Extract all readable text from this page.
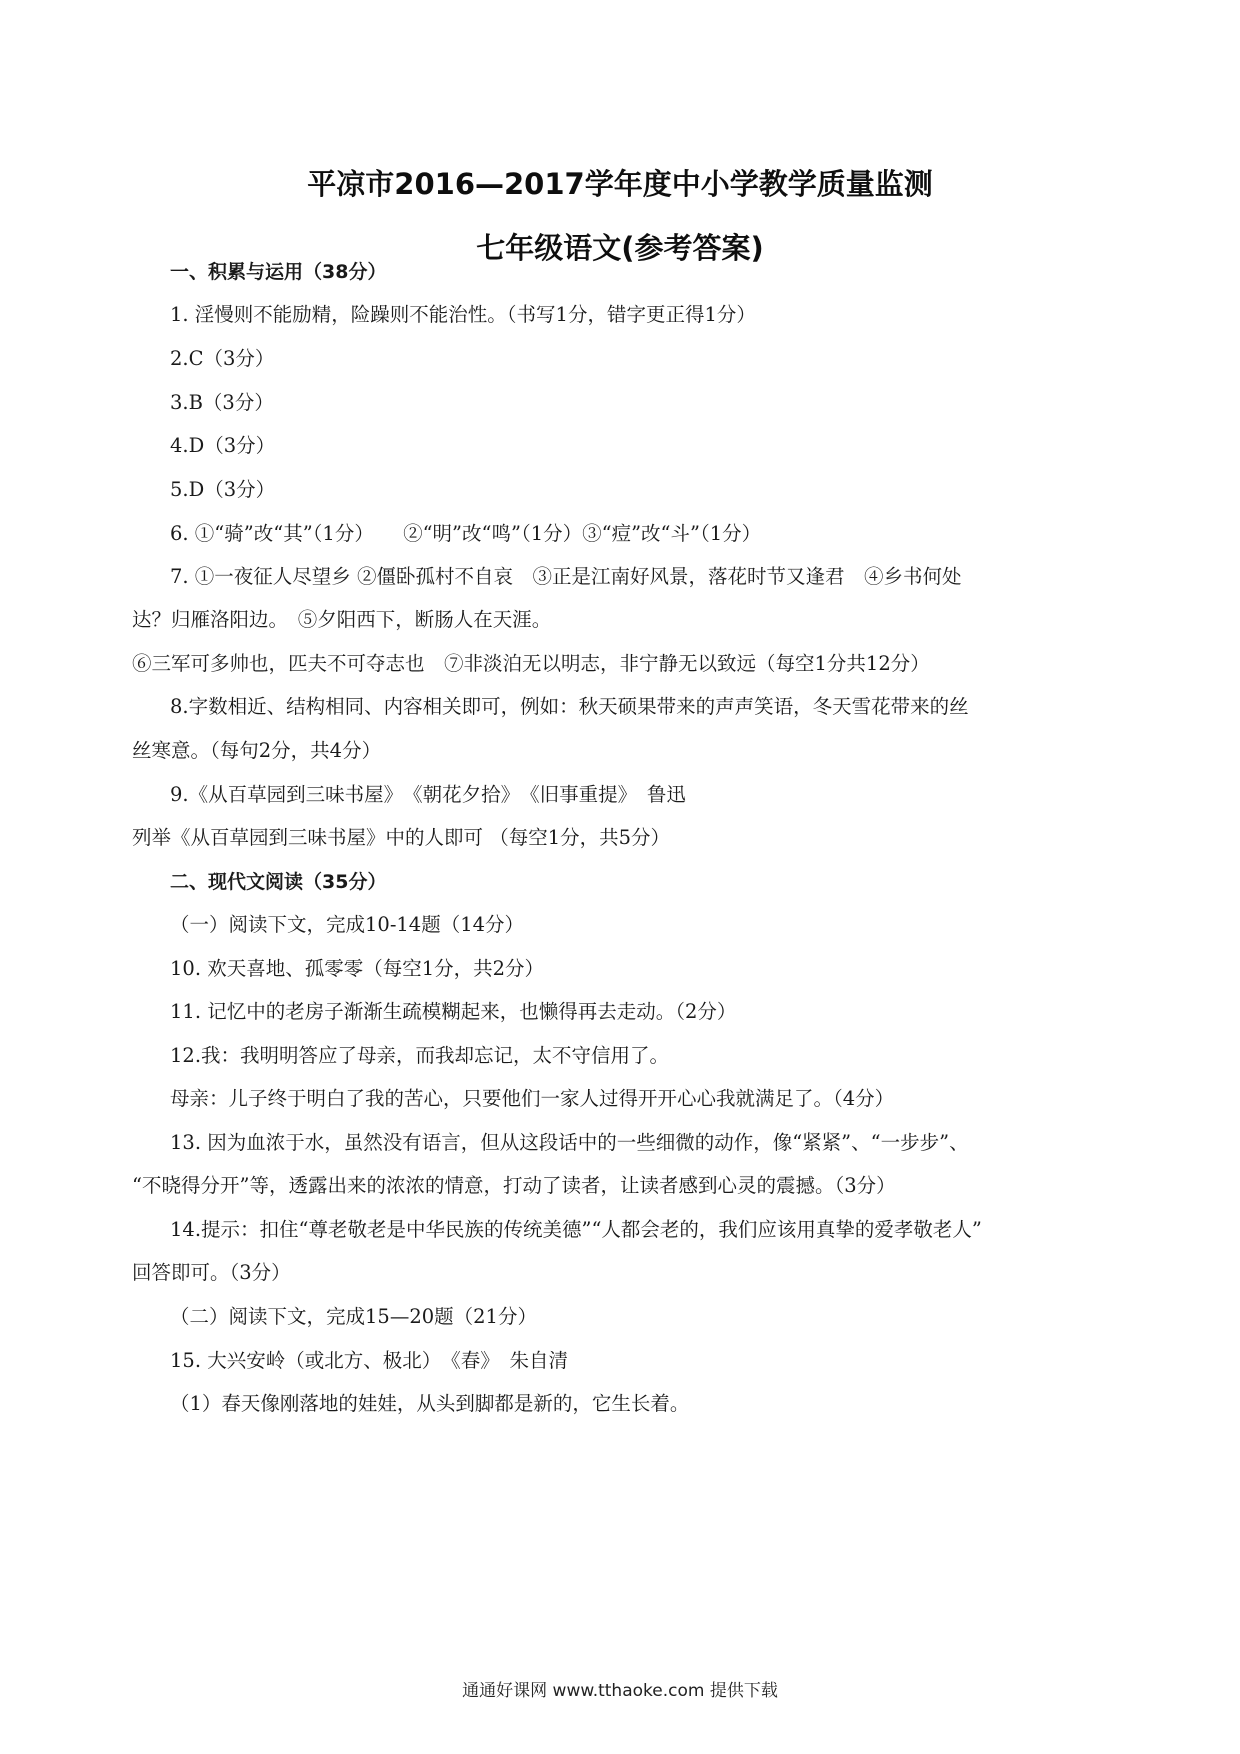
平凉市2016—2017学年度中小学教学质量监测
七年级语文(参考答案)
一、积累与运用（38分）
1. 淫慢则不能励精，险躁则不能治性。（书写1分，错字更正得1分）
2.C（3分）
3.B（3分）
4.D（3分）
5.D（3分）
6. ①“骑”改“其”（1分）　　②“明”改“鸣”（1分）③“痘”改“斗”（1分）
7. ①一夜征人尽望乡 ②僵卧孤村不自哀　③正是江南好风景，落花时节又逢君　④乡书何处
达？归雁洛阳边。　⑤夕阳西下，断肠人在天涯。
⑥三军可多帅也，匹夫不可夺志也　⑦非淡泊无以明志，非宁静无以致远（每空1分共12分）
8.字数相近、结构相同、内容相关即可，例如：秋天硕果带来的声声笑语，冬天雪花带来的丝
丝寒意。（每句2分，共4分）
9.《从百草园到三味书屋》　《朝花夕拾》　《旧事重提》　鲁迅
列举《从百草园到三味书屋》中的人即可 （每空1分，共5分）
二、现代文阅读（35分）
（一）阅读下文，完成10-14题（14分）
10. 欢天喜地、孤零零（每空1分，共2分）
11. 记忆中的老房子渐渐生疏模糊起来，也懒得再去走动。（2分）
12.我：我明明答应了母亲，而我却忘记，太不守信用了。
母亲：儿子终于明白了我的苦心，只要他们一家人过得开开心心我就满足了。（4分）
13. 因为血浓于水，虽然没有语言，但从这段话中的一些细微的动作，像“紧紧”、“一步步”、
“不晓得分开”等，透露出来的浓浓的情意，打动了读者，让读者感到心灵的震撼。（3分）
14.提示：扣住“尊老敬老是中华民族的传统美德”“人都会老的，我们应该用真挚的爱孝敬老人”
回答即可。（3分）
（二）阅读下文，完成15—20题（21分）
15. 大兴安岭（或北方、极北）　《春》　朱自清
（1）春天像刚落地的娃娃，从头到脚都是新的，它生长着。
通通好课网 www.tthaoke.com 提供下载
